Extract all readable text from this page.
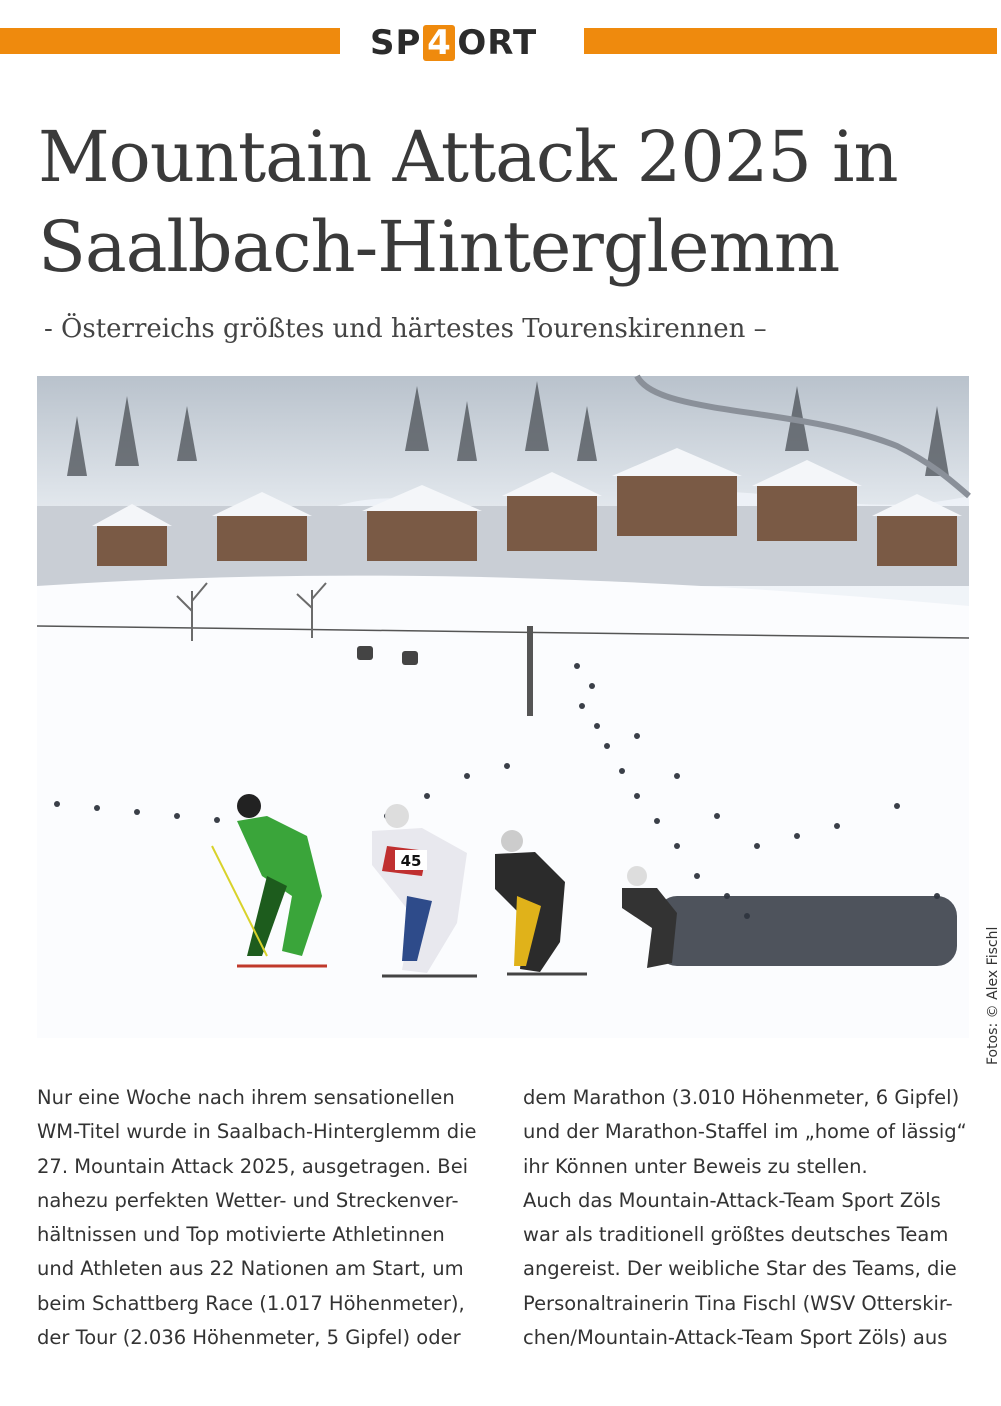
SP 4 ORT
Mountain Attack 2025 in
Saalbach-Hinterglemm
- Österreichs größtes und härtestes Tourenskirennen –
45
Fotos: © Alex Fischl

Nur eine Woche nach ihrem sensationellen

WM-Titel wurde in Saalbach-Hinterglemm die

27. Mountain Attack 2025, ausgetragen. Bei

nahezu perfekten Wetter- und Streckenver-

hältnissen und Top motivierte Athletinnen

und Athleten aus 22 Nationen am Start, um

beim Schattberg Race (1.017 Höhenmeter),

der Tour (2.036 Höhenmeter, 5 Gipfel) oder

dem Marathon (3.010 Höhenmeter, 6 Gipfel)

und der Marathon-Staffel im „home of lässig“

ihr Können unter Beweis zu stellen.

Auch das Mountain-Attack-Team Sport Zöls

war als traditionell größtes deutsches Team

angereist. Der weibliche Star des Teams, die

Personaltrainerin Tina Fischl (WSV Otterskir-

chen/Mountain-Attack-Team Sport Zöls) aus
